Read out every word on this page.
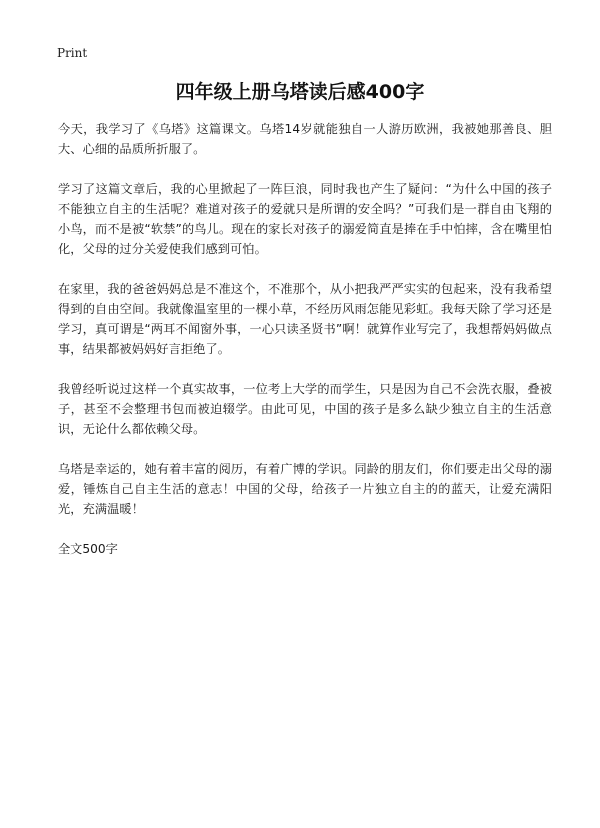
Print
四年级上册乌塔读后感400字

今天，我学习了《乌塔》这篇课文。乌塔14岁就能独自一人游历欧洲，我被她那善良、胆大、心细的品质所折服了。

学习了这篇文章后，我的心里掀起了一阵巨浪，同时我也产生了疑问：“为什么中国的孩子不能独立自主的生活呢？难道对孩子的爱就只是所谓的安全吗？”可我们是一群自由飞翔的小鸟，而不是被“软禁”的鸟儿。现在的家长对孩子的溺爱简直是捧在手中怕摔，含在嘴里怕化，父母的过分关爱使我们感到可怕。

在家里，我的爸爸妈妈总是不准这个，不准那个，从小把我严严实实的包起来，没有我希望得到的自由空间。我就像温室里的一棵小草，不经历风雨怎能见彩虹。我每天除了学习还是学习，真可谓是“两耳不闻窗外事，一心只读圣贤书”啊！就算作业写完了，我想帮妈妈做点事，结果都被妈妈好言拒绝了。

我曾经听说过这样一个真实故事，一位考上大学的而学生，只是因为自己不会洗衣服，叠被子，甚至不会整理书包而被迫辍学。由此可见，中国的孩子是多么缺少独立自主的生活意识，无论什么都依赖父母。

乌塔是幸运的，她有着丰富的阅历，有着广博的学识。同龄的朋友们，你们要走出父母的溺爱，锤炼自己自主生活的意志！中国的父母，给孩子一片独立自主的的蓝天，让爱充满阳光，充满温暖！

全文500字
